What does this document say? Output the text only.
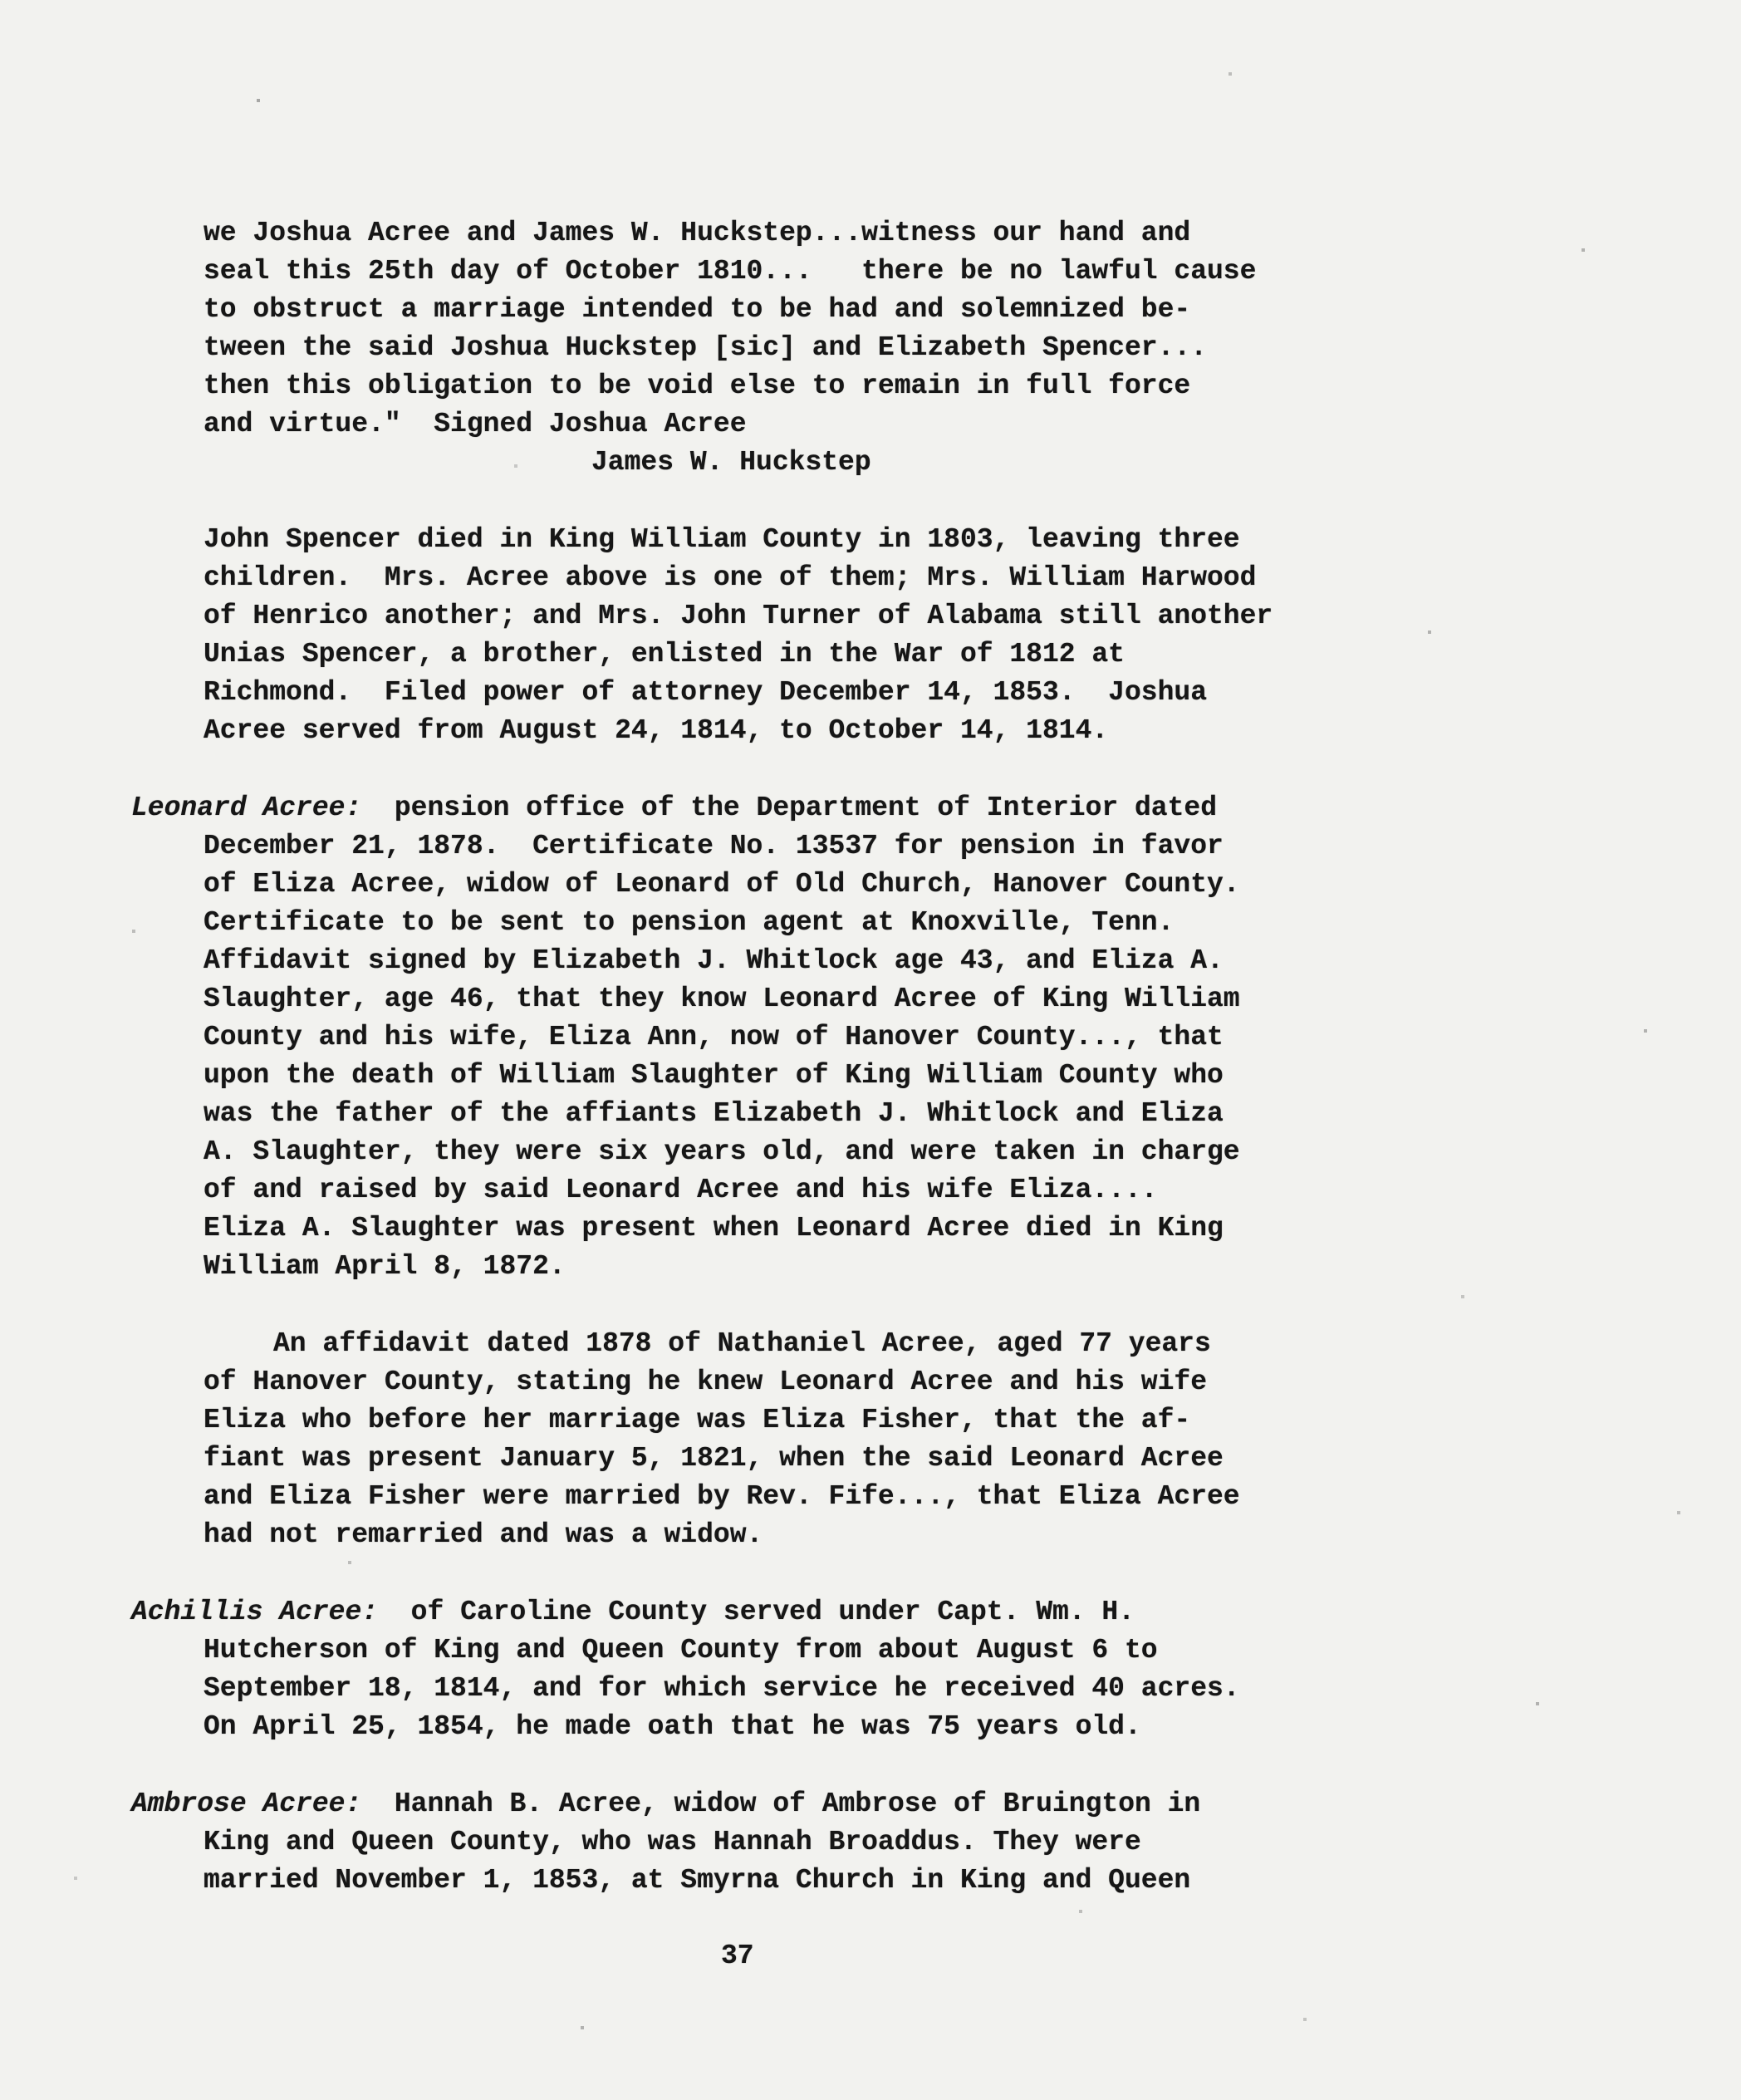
we Joshua Acree and James W. Huckstep...witness our hand and
seal this 25th day of October 1810...   there be no lawful cause
to obstruct a marriage intended to be had and solemnized be-
tween the said Joshua Huckstep [sic] and Elizabeth Spencer...
then this obligation to be void else to remain in full force
and virtue."  Signed Joshua Acree
James W. Huckstep
John Spencer died in King William County in 1803, leaving three
children.  Mrs. Acree above is one of them; Mrs. William Harwood
of Henrico another; and Mrs. John Turner of Alabama still another
Unias Spencer, a brother, enlisted in the War of 1812 at
Richmond.  Filed power of attorney December 14, 1853.  Joshua
Acree served from August 24, 1814, to October 14, 1814.
Leonard Acree:  pension office of the Department of Interior dated
December 21, 1878.  Certificate No. 13537 for pension in favor
of Eliza Acree, widow of Leonard of Old Church, Hanover County.
Certificate to be sent to pension agent at Knoxville, Tenn.
Affidavit signed by Elizabeth J. Whitlock age 43, and Eliza A.
Slaughter, age 46, that they know Leonard Acree of King William
County and his wife, Eliza Ann, now of Hanover County..., that
upon the death of William Slaughter of King William County who
was the father of the affiants Elizabeth J. Whitlock and Eliza
A. Slaughter, they were six years old, and were taken in charge
of and raised by said Leonard Acree and his wife Eliza....
Eliza A. Slaughter was present when Leonard Acree died in King
William April 8, 1872.
An affidavit dated 1878 of Nathaniel Acree, aged 77 years
of Hanover County, stating he knew Leonard Acree and his wife
Eliza who before her marriage was Eliza Fisher, that the af-
fiant was present January 5, 1821, when the said Leonard Acree
and Eliza Fisher were married by Rev. Fife..., that Eliza Acree
had not remarried and was a widow.
Achillis Acree:  of Caroline County served under Capt. Wm. H.
Hutcherson of King and Queen County from about August 6 to
September 18, 1814, and for which service he received 40 acres.
On April 25, 1854, he made oath that he was 75 years old.
Ambrose Acree:  Hannah B. Acree, widow of Ambrose of Bruington in
King and Queen County, who was Hannah Broaddus. They were
married November 1, 1853, at Smyrna Church in King and Queen
37
